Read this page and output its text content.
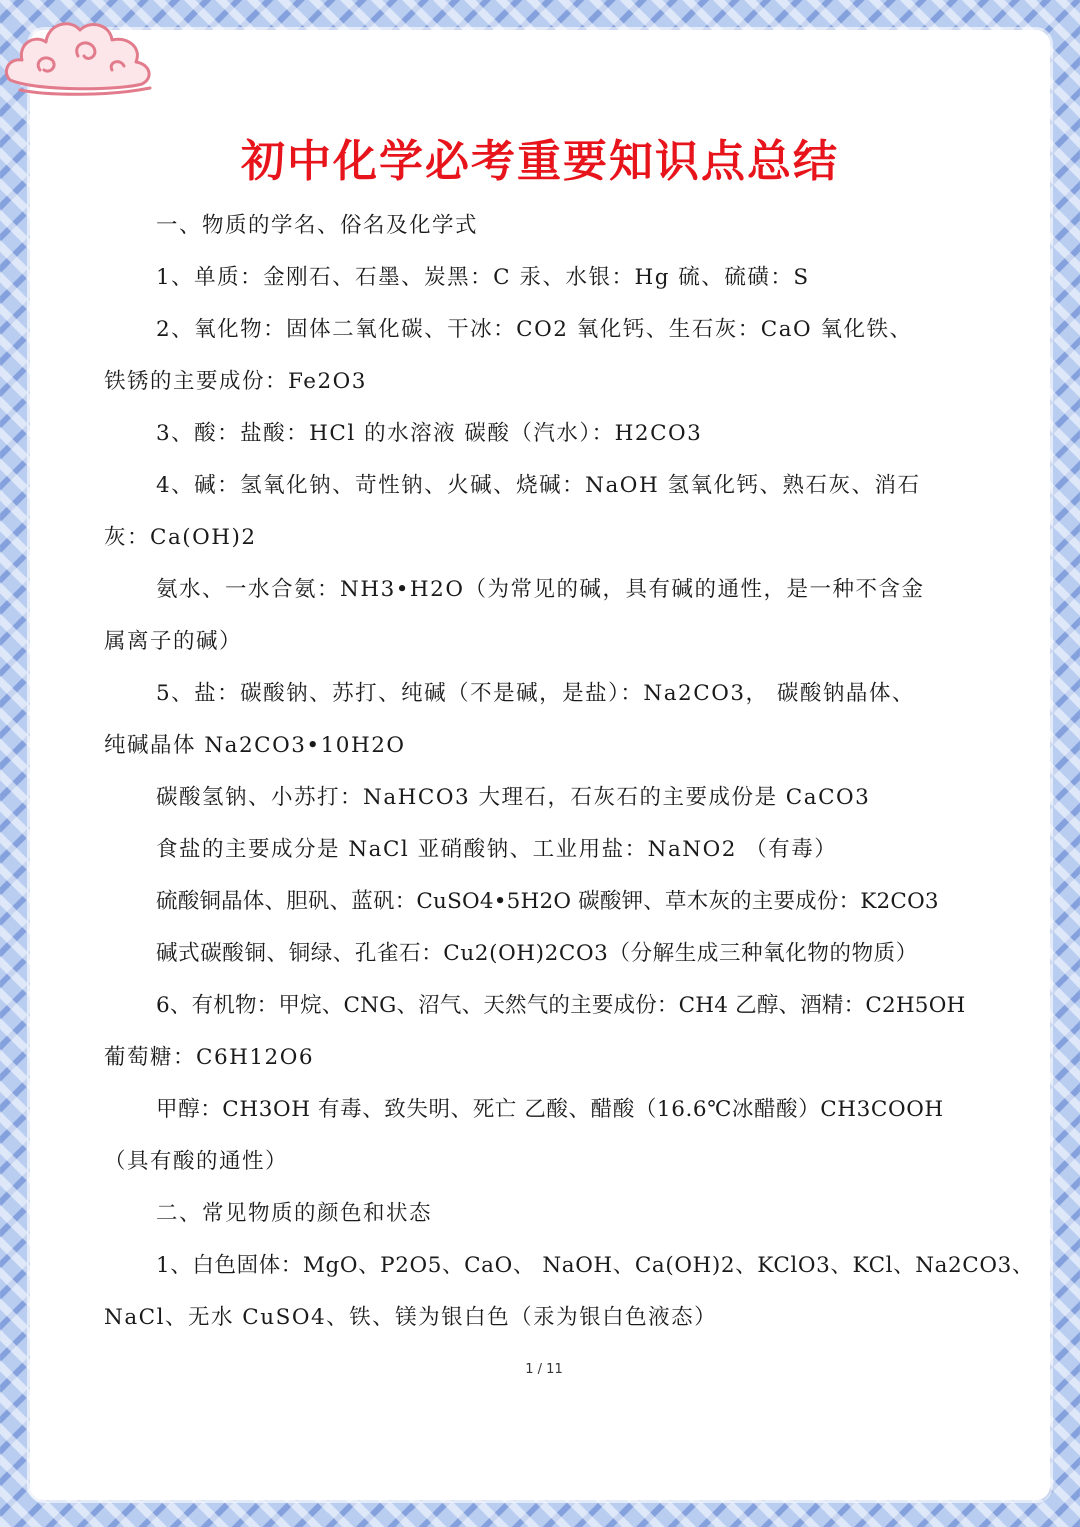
初中化学必考重要知识点总结

一、物质的学名、俗名及化学式

1、单质：金刚石、石墨、炭黑：C 汞、水银：Hg 硫、硫磺：S

2、氧化物：固体二氧化碳、干冰：CO2 氧化钙、生石灰：CaO 氧化铁、

铁锈的主要成份：Fe2O3

3、酸：盐酸：HCl 的水溶液 碳酸（汽水）：H2CO3

4、碱：氢氧化钠、苛性钠、火碱、烧碱：NaOH 氢氧化钙、熟石灰、消石

灰：Ca(OH)2

氨水、一水合氨：NH3•H2O（为常见的碱，具有碱的通性，是一种不含金

属离子的碱）

5、盐：碳酸钠、苏打、纯碱（不是碱，是盐）：Na2CO3， 碳酸钠晶体、

纯碱晶体 Na2CO3•10H2O

碳酸氢钠、小苏打：NaHCO3 大理石，石灰石的主要成份是 CaCO3

食盐的主要成分是 NaCl 亚硝酸钠、工业用盐：NaNO2 （有毒）

硫酸铜晶体、胆矾、蓝矾：CuSO4•5H2O 碳酸钾、草木灰的主要成份：K2CO3

碱式碳酸铜、铜绿、孔雀石：Cu2(OH)2CO3（分解生成三种氧化物的物质）

6、有机物：甲烷、CNG、沼气、天然气的主要成份：CH4 乙醇、酒精：C2H5OH

葡萄糖：C6H12O6

甲醇：CH3OH 有毒、致失明、死亡 乙酸、醋酸（16.6℃冰醋酸）CH3COOH

（具有酸的通性）

二、常见物质的颜色和状态

1、白色固体：MgO、P2O5、CaO、 NaOH、Ca(OH)2、KClO3、KCl、Na2CO3、

NaCl、无水 CuSO4、铁、镁为银白色（汞为银白色液态）

1 / 11
